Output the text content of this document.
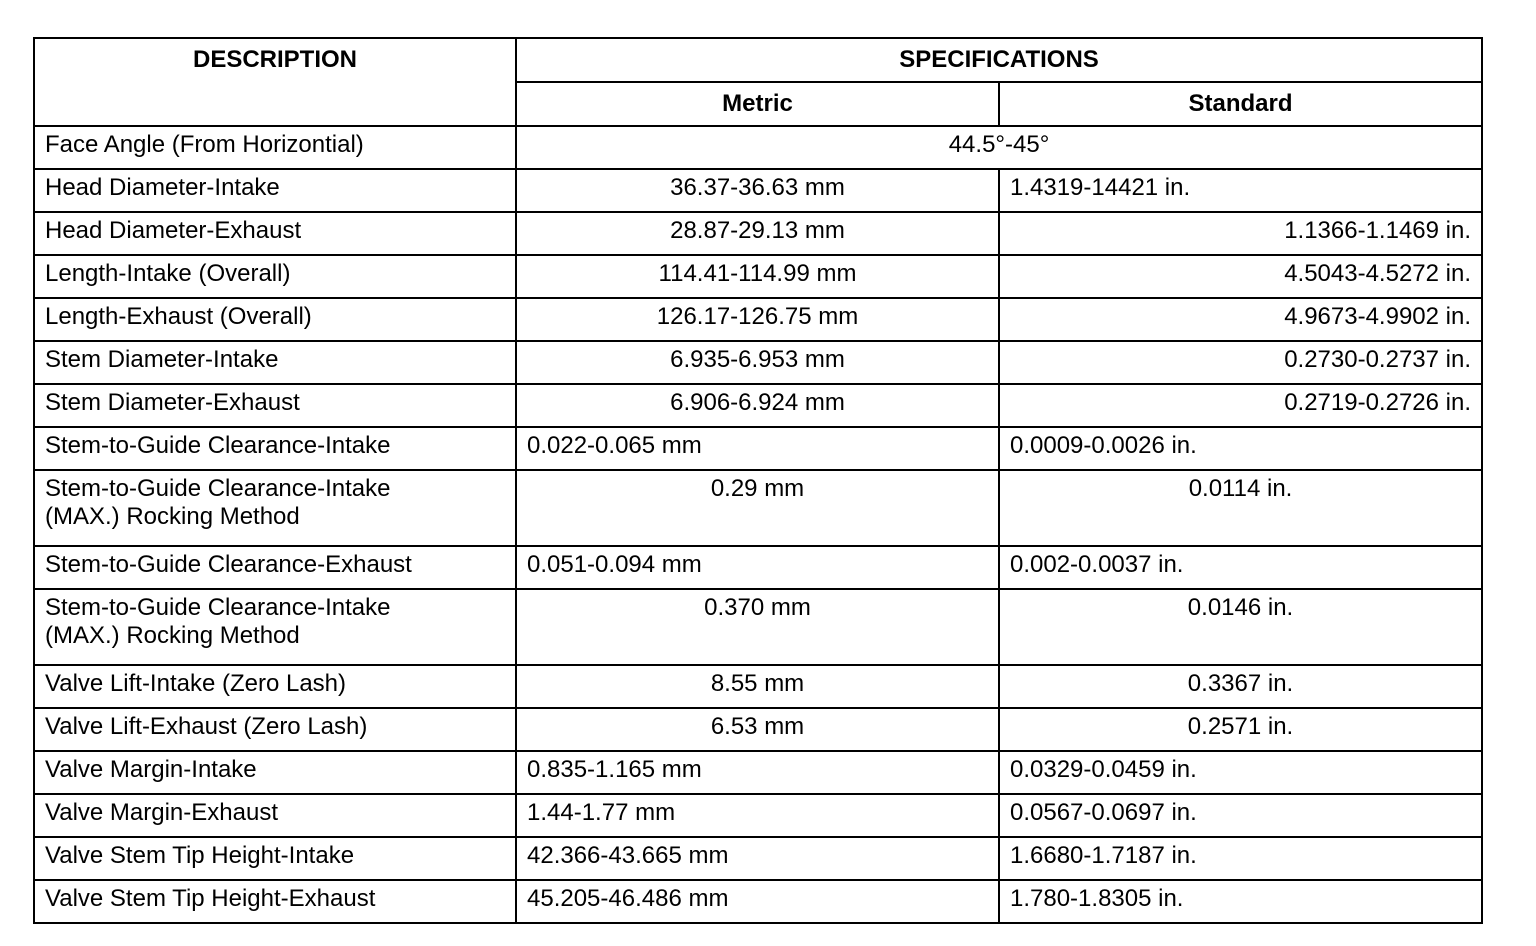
DESCRIPTION	SPECIFICATIONS	
	Metric	Standard
Face Angle (From Horizontial)	44.5°-45°	
Head Diameter-Intake	36.37-36.63 mm	1.4319-14421 in.
Head Diameter-Exhaust	28.87-29.13 mm	1.1366-1.1469 in.
Length-Intake (Overall)	114.41-114.99 mm	4.5043-4.5272 in.
Length-Exhaust (Overall)	126.17-126.75 mm	4.9673-4.9902 in.
Stem Diameter-Intake	6.935-6.953 mm	0.2730-0.2737 in.
Stem Diameter-Exhaust	6.906-6.924 mm	0.2719-0.2726 in.
Stem-to-Guide Clearance-Intake	0.022-0.065 mm	0.0009-0.0026 in.

Stem-to-Guide Clearance-Intake
(MAX.) Rocking Method	0.29 mm	0.0114 in.
Stem-to-Guide Clearance-Exhaust	0.051-0.094 mm	0.002-0.0037 in.

Stem-to-Guide Clearance-Intake
(MAX.) Rocking Method	0.370 mm	0.0146 in.
Valve Lift-Intake (Zero Lash)	8.55 mm	0.3367 in.
Valve Lift-Exhaust (Zero Lash)	6.53 mm	0.2571 in.
Valve Margin-Intake	0.835-1.165 mm	0.0329-0.0459 in.
Valve Margin-Exhaust	1.44-1.77 mm	0.0567-0.0697 in.
Valve Stem Tip Height-Intake	42.366-43.665 mm	1.6680-1.7187 in.
Valve Stem Tip Height-Exhaust	45.205-46.486 mm	1.780-1.8305 in.
